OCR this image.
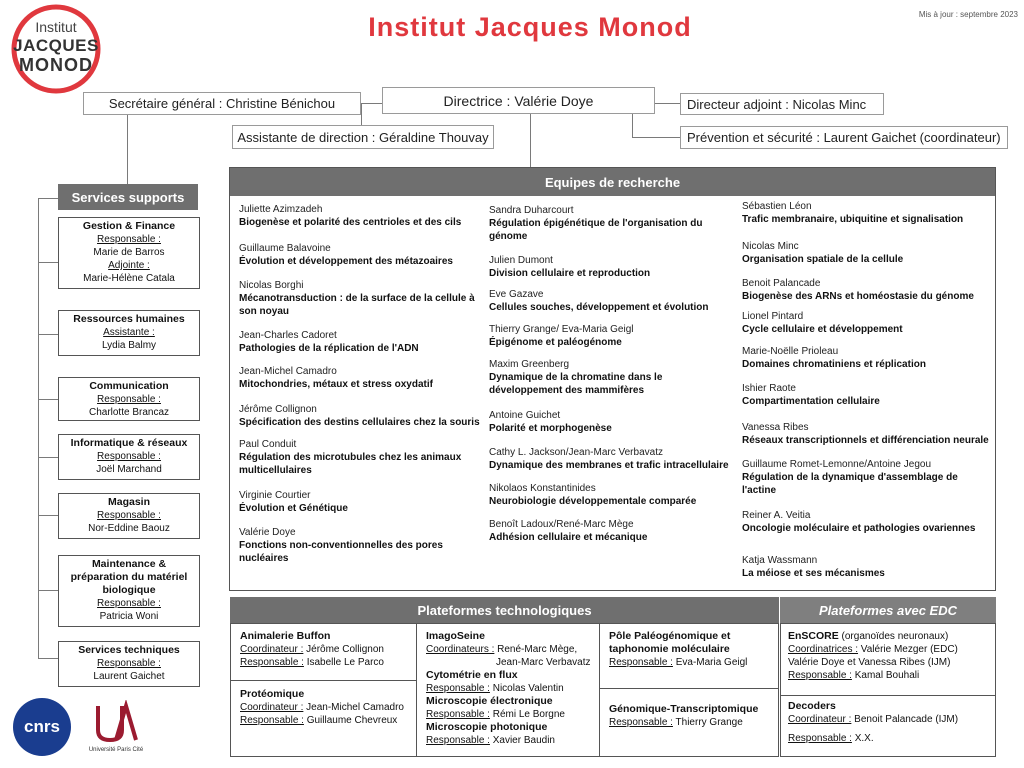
Institut
JACQUES
MONOD
Institut Jacques Monod	Mis à jour : septembre 2023
Secrétaire général : Christine Bénichou	Directrice : Valérie Doye	Directeur adjoint : Nicolas Minc
Assistante de direction : Géraldine Thouvay	Prévention et sécurité : Laurent Gaichet (coordinateur)
Services supports
Gestion & Finance
Responsable :
Marie de Barros
Adjointe :
Marie-Hélène Catala
Ressources humaines
Assistante :
Lydia Balmy
Communication
Responsable :
Charlotte Brancaz
Informatique & réseaux
Responsable :
Joël Marchand
Magasin
Responsable :
Nor-Eddine Baouz
Maintenance & préparation du matériel biologique
Responsable :
Patricia Woni
Services techniques
Responsable :
Laurent Gaichet
Equipes de recherche
Juliette Azimzadeh
Biogenèse et polarité des centrioles et des cils
Guillaume Balavoine
Évolution et développement des métazoaires
Nicolas Borghi
Mécanotransduction : de la surface de la cellule à son noyau
Jean-Charles Cadoret
Pathologies de la réplication de l'ADN
Jean-Michel Camadro
Mitochondries, métaux et stress oxydatif
Jérôme Collignon
Spécification des destins cellulaires chez la souris
Paul Conduit
Régulation des microtubules chez les animaux multicellulaires
Virginie Courtier
Évolution et Génétique
Valérie Doye
Fonctions non-conventionnelles des pores nucléaires
Sandra Duharcourt
Régulation épigénétique de l'organisation du génome
Julien Dumont
Division cellulaire et reproduction
Eve Gazave
Cellules souches, développement et évolution
Thierry Grange/ Eva-Maria Geigl
Épigénome et paléogénome
Maxim Greenberg
Dynamique de la chromatine dans le développement des mammifères
Antoine Guichet
Polarité et morphogenèse
Cathy L. Jackson/Jean-Marc Verbavatz
Dynamique des membranes et trafic intracellulaire
Nikolaos Konstantinides
Neurobiologie développementale comparée
Benoît Ladoux/René-Marc Mège
Adhésion cellulaire et mécanique
Sébastien Léon
Trafic membranaire, ubiquitine et signalisation
Nicolas Minc
Organisation spatiale de la cellule
Benoit Palancade
Biogenèse des ARNs et homéostasie du génome
Lionel Pintard
Cycle cellulaire et développement
Marie-Noëlle Prioleau
Domaines chromatiniens et réplication
Ishier Raote
Compartimentation cellulaire
Vanessa Ribes
Réseaux transcriptionnels et différenciation neurale
Guillaume Romet-Lemonne/Antoine Jegou
Régulation de la dynamique d'assemblage de l'actine
Reiner A. Veitia
Oncologie moléculaire et pathologies ovariennes
Katja Wassmann
La méiose et ses mécanismes
Plateformes technologiques
Animalerie Buffon
Coordinateur : Jérôme Collignon
Responsable : Isabelle Le Parco
Protéomique
Coordinateur : Jean-Michel Camadro
Responsable : Guillaume Chevreux
ImagoSeine
Coordinateurs : René-Marc Mège,
Jean-Marc Verbavatz
Cytométrie en flux
Responsable : Nicolas Valentin
Microscopie électronique
Responsable : Rémi Le Borgne
Microscopie photonique
Responsable : Xavier Baudin
Pôle Paléogénomique et taphonomie moléculaire
Responsable : Eva-Maria Geigl
Génomique-Transcriptomique
Responsable : Thierry Grange
Plateformes avec EDC
EnSCORE (organoïdes neuronaux)
Coordinatrices : Valérie Mezger (EDC)
Valérie Doye et Vanessa Ribes (IJM)
Responsable : Kamal Bouhali
Decoders
Coordinateur : Benoit Palancade (IJM)
Responsable : X.X.
cnrs
Université Paris Cité
